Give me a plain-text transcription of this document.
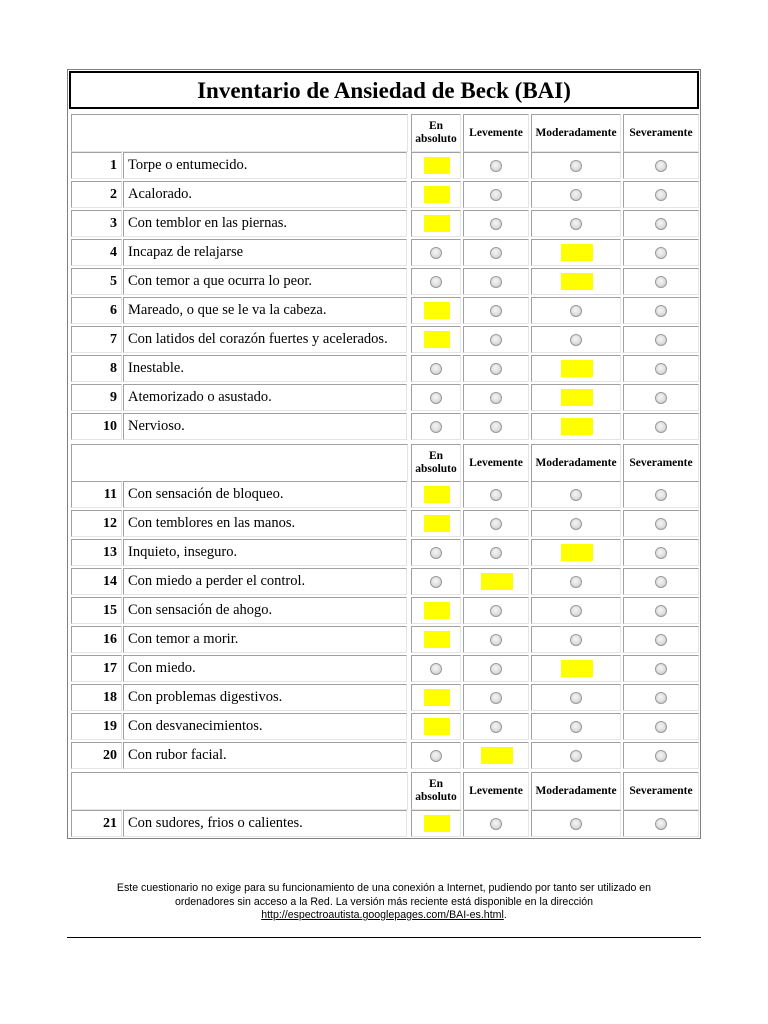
Inventario de Ansiedad de Beck (BAI)
En
absoluto
Levemente	Moderadamente	Severamente
En
absoluto
Levemente	Moderadamente	Severamente
En
absoluto
Levemente	Moderadamente	Severamente
1 Torpe o entumecido.
2 Acalorado.
3 Con temblor en las piernas.
4 Incapaz de relajarse
5 Con temor a que ocurra lo peor.
6 Mareado, o que se le va la cabeza.
7 Con latidos del corazón fuertes y acelerados.
8 Inestable.
9 Atemorizado o asustado.
10 Nervioso.
11 Con sensación de bloqueo.
12 Con temblores en las manos.
13 Inquieto, inseguro.
14 Con miedo a perder el control.
15 Con sensación de ahogo.
16 Con temor a morir.
17 Con miedo.
18 Con problemas digestivos.
19 Con desvanecimientos.
20 Con rubor facial.
21 Con sudores, frios o calientes.
Este cuestionario no exige para su funcionamiento de una conexión a Internet, pudiendo por tanto ser utilizado en
ordenadores sin acceso a la Red. La versión más reciente está disponible en la dirección
http://espectroautista.googlepages.com/BAI-es.html.
